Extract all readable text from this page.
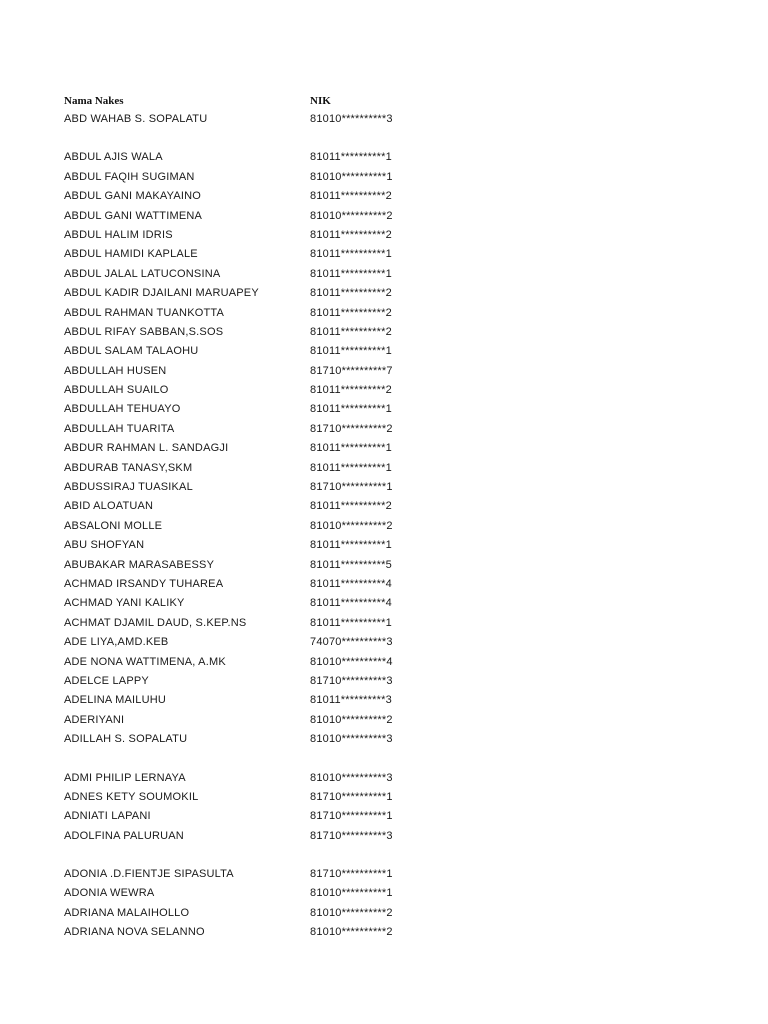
Nama Nakes	NIK
ABD WAHAB S. SOPALATU	81010**********3
ABDUL AJIS WALA	81011**********1
ABDUL FAQIH SUGIMAN	81010**********1
ABDUL GANI MAKAYAINO	81011**********2
ABDUL GANI WATTIMENA	81010**********2
ABDUL HALIM IDRIS	81011**********2
ABDUL HAMIDI KAPLALE	81011**********1
ABDUL JALAL LATUCONSINA	81011**********1
ABDUL KADIR DJAILANI MARUAPEY	81011**********2
ABDUL RAHMAN TUANKOTTA	81011**********2
ABDUL RIFAY SABBAN,S.SOS	81011**********2
ABDUL SALAM TALAOHU	81011**********1
ABDULLAH HUSEN	81710**********7
ABDULLAH SUAILO	81011**********2
ABDULLAH TEHUAYO	81011**********1
ABDULLAH TUARITA	81710**********2
ABDUR RAHMAN L. SANDAGJI	81011**********1
ABDURAB TANASY,SKM	81011**********1
ABDUSSIRAJ TUASIKAL	81710**********1
ABID ALOATUAN	81011**********2
ABSALONI MOLLE	81010**********2
ABU SHOFYAN	81011**********1
ABUBAKAR MARASABESSY	81011**********5
ACHMAD IRSANDY TUHAREA	81011**********4
ACHMAD YANI KALIKY	81011**********4
ACHMAT DJAMIL DAUD, S.KEP.NS	81011**********1
ADE LIYA,AMD.KEB	74070**********3
ADE NONA WATTIMENA, A.MK	81010**********4
ADELCE LAPPY	81710**********3
ADELINA MAILUHU	81011**********3
ADERIYANI	81010**********2
ADILLAH S. SOPALATU	81010**********3
ADMI PHILIP LERNAYA	81010**********3
ADNES KETY SOUMOKIL	81710**********1
ADNIATI LAPANI	81710**********1
ADOLFINA PALURUAN	81710**********3
ADONIA .D.FIENTJE SIPASULTA	81710**********1
ADONIA WEWRA	81010**********1
ADRIANA MALAIHOLLO	81010**********2
ADRIANA NOVA SELANNO	81010**********2
